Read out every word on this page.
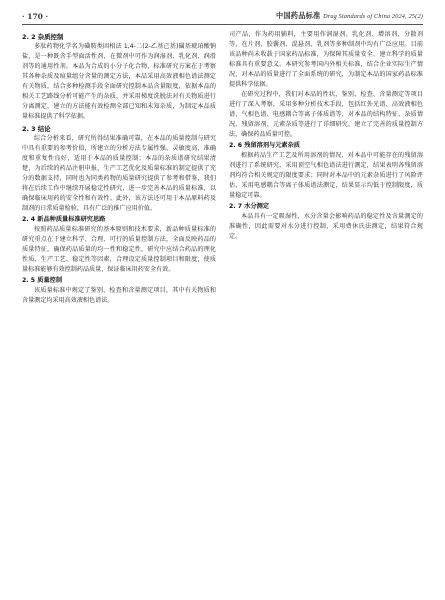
· 170 ·	中国药品标准 Drug Standards of China 2024, 25(2)
2. 2 杂质控制

多肽药物化学名为磺胺类固相法 1,4-二(2-乙基己基)磺基琥珀酸钠盐，是一种既含手型面活性剂，在微剂中可作为润湿剂、乳化剂、润滑剂等的通用性剂。本品为合成的小分子化合物，标准研究方案在于考察其各种杂质及痕量组分含量的测定方法，本品采用高效液相色谱法测定有关物质，结合多种检测手段全面研究控制本品含量限度，依据本品的相关工艺路线分析可能产生的杂质，并采用梯度洗脱法对有关物质进行分离测定，建立的方法能有效检测全部已知和未知杂质，为制定本品质量标准提供了科学依据。

2. 3 结论

综合分析来看，研究所得结果准确可靠，在本品的质量控制与研究中具有重要的参考价值，所建立的分析方法专属性强、灵敏度高、准确度和重复性良好，适用于本品的质量控制；本品的杂质谱研究结果清楚，为后续的药品注册申报、生产工艺优化及质量标准的制定提供了充分的数据支持，同时也为同类药物的质量研究提供了参考和借鉴，我们将在后续工作中继续开展稳定性研究，进一步完善本品的质量标准，以确保临床用药的安全性和有效性。此外，该方法还可用于本品原料药及制剂的日常质量检验，具有广泛的推广应用价值。

2. 4 新品种质量标准研究思路

按照药品质量标准研究的基本原则和技术要求，新品种质量标准的研究重点在于建立科学、合理、可行的质量控制方法，全面反映药品的质量特征，确保药品质量的均一性和稳定性，研究中应结合药品的理化性质、生产工艺、稳定性等因素，合理设定质量控制项目和限度，使质量标准能够有效控制药品质量，保证临床用药安全有效。

2. 5 质量控制

该质量标准中规定了鉴别、检查和含量测定项目，其中有关物质和含量测定均采用高效液相色谱法。

司产品，作为药用辅料，主要用作润湿剂、乳化剂、增溶剂、分散剂等，在片剂、胶囊剂、混悬剂、乳剂等多种制剂中均有广泛应用。目前该品种尚未收载于国家药品标准，为保障其质量安全，建立科学的质量标准具有重要意义。本研究参考国内外相关标准，结合企业实际生产情况，对本品的质量进行了全面系统的研究，为制定本品的国家药品标准提供科学依据。

在研究过程中，我们对本品的性状、鉴别、检查、含量测定等项目进行了深入考察，采用多种分析技术手段，包括红外光谱、高效液相色谱、气相色谱、电感耦合等离子体质谱等，对本品的结构特征、杂质情况、残留溶剂、元素杂质等进行了详细研究，建立了完善的质量控制方法，确保药品质量可控。

2. 6 残留溶剂与元素杂质

根据药品生产工艺及所用溶剂的情况，对本品中可能存在的残留溶剂进行了系统研究，采用顶空气相色谱法进行测定，结果表明各残留溶剂均符合相关规定的限度要求；同时对本品中的元素杂质进行了风险评估，采用电感耦合等离子体质谱法测定，结果显示均低于控制限度，质量稳定可靠。

2. 7 水分测定

本品具有一定吸湿性，水分含量会影响药品的稳定性及含量测定的准确性，因此需要对水分进行控制，采用费休氏法测定，结果符合规定。
